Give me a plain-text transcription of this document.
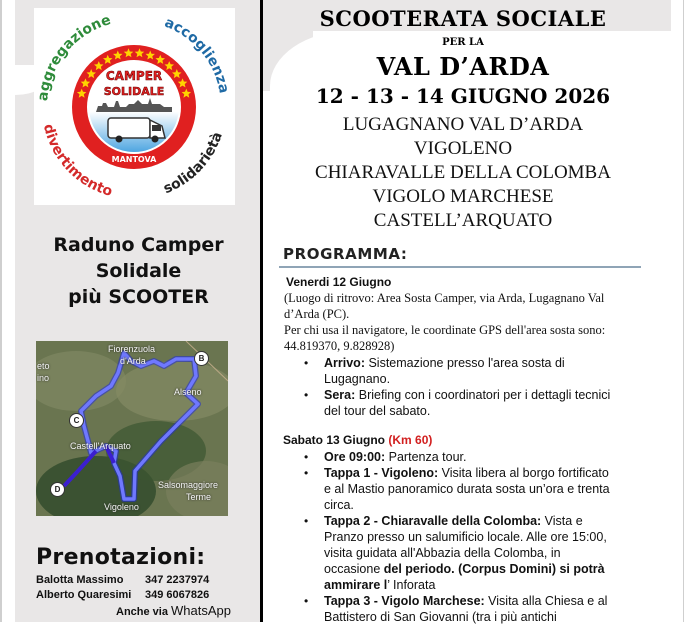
CAMPER
SOLIDALE
MANTOVA
aggregazione	accoglienza
divertimento	solidarietà
Raduno Camper
Solidale
più SCOOTER
Fiorenzuola
d'Arda
Alseno
Castell'Arquato
Vigoleno
Salsomaggiore
Terme
eto
ino
B
C
D
Prenotazioni:
Balotta Massimo 347 2237974
Alberto Quaresimi 349 6067826
Anche via WhatsApp
SCOOTERATA SOCIALE
PER LA
VAL D’ARDA
12 - 13 - 14 GIUGNO 2026
LUGAGNANO VAL D’ARDA
VIGOLENO
CHIARAVALLE DELLA COLOMBA
VIGOLO MARCHESE
CASTELL’ARQUATO
PROGRAMMA:
Venerdi 12 Giugno
(Luogo di ritrovo: Area Sosta Camper, via Arda, Lugagnano Val
d’Arda (PC).
Per chi usa il navigatore, le coordinate GPS dell'area sosta sono:
44.819370, 9.828928)
• Arrivo: Sistemazione presso l'area sosta di
Lugagnano.
• Sera: Briefing con i coordinatori per i dettagli tecnici
del tour del sabato.
Sabato 13 Giugno (Km 60)
• Ore 09:00: Partenza tour.
• Tappa 1 - Vigoleno: Visita libera al borgo fortificato
e al Mastio panoramico durata sosta un’ora e trenta
circa.
• Tappa 2 - Chiaravalle della Colomba: Vista e
Pranzo presso un salumificio locale. Alle ore 15:00,
visita guidata all'Abbazia della Colomba, in
occasione del periodo. (Corpus Domini) si potrà
ammirare l’ Inforata
• Tappa 3 - Vigolo Marchese: Visita alla Chiesa e al
Battistero di San Giovanni (tra i più antichi
